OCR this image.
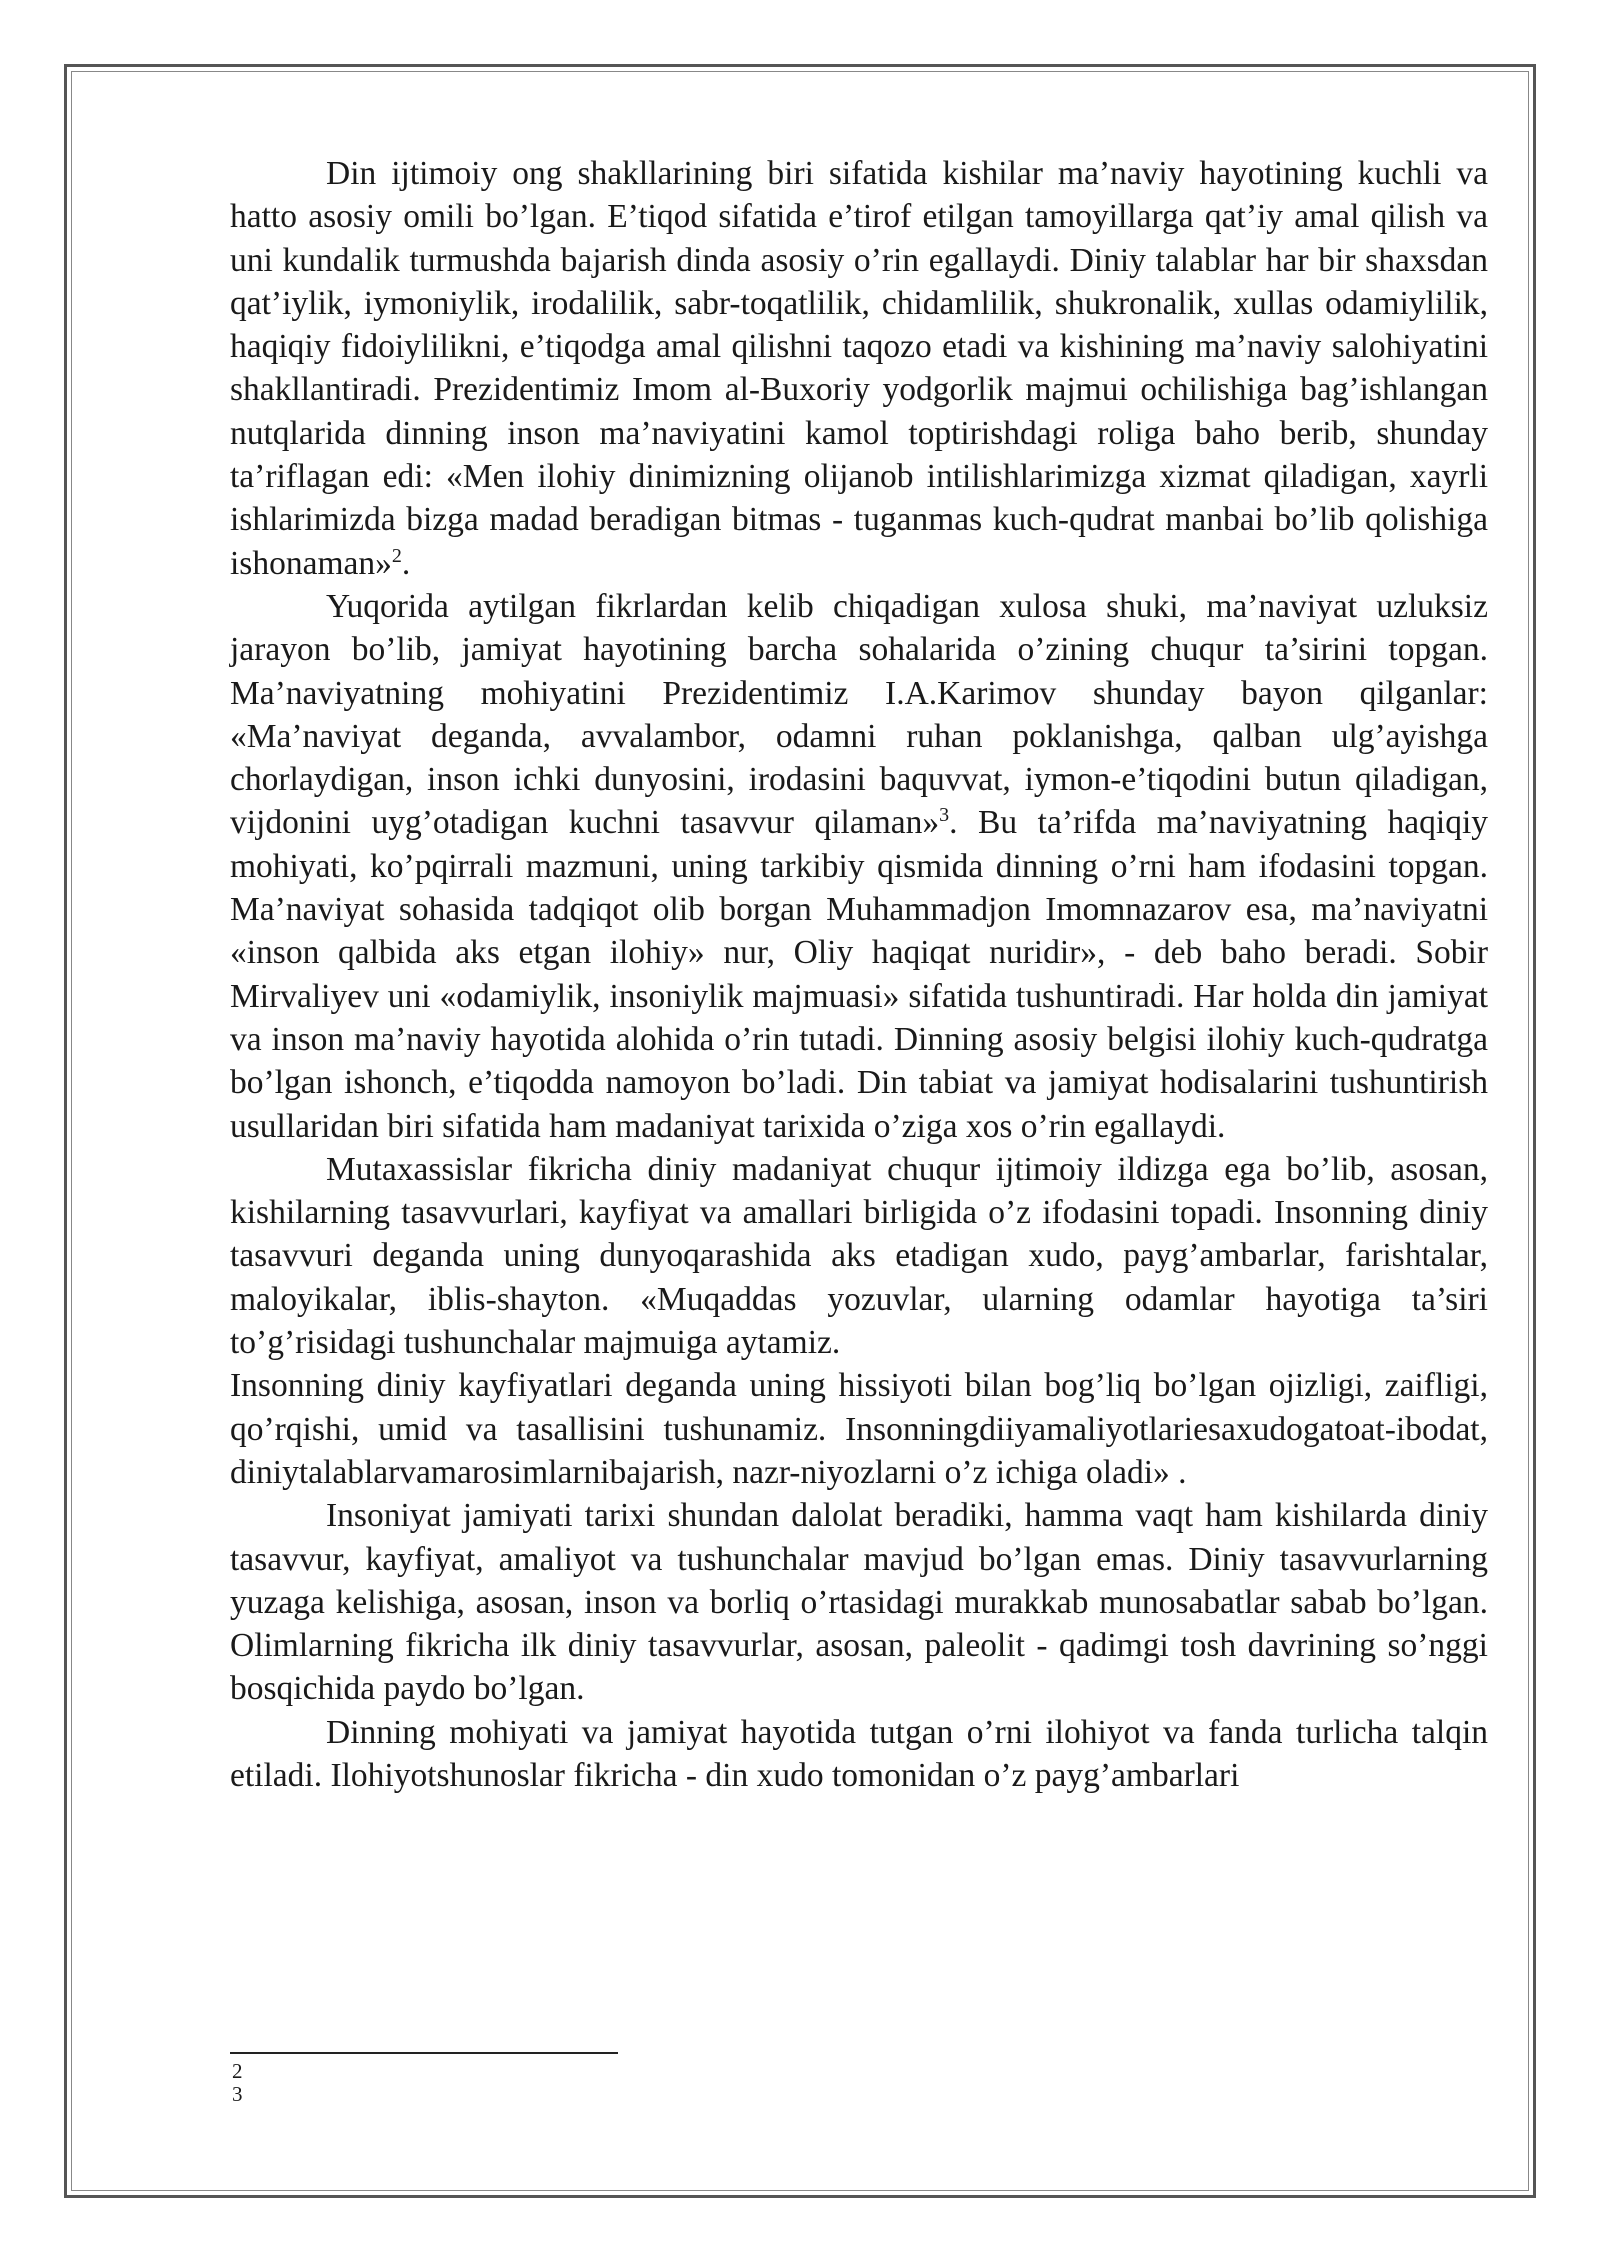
Din ijtimoiy ong shakllarining biri sifatida kishilar ma’naviy hayotining kuchli va hatto asosiy omili bo’lgan. E’tiqod sifatida e’tirof etilgan tamoyillarga qat’iy amal qilish va uni kundalik turmushda bajarish dinda asosiy o’rin egallaydi. Diniy talablar har bir shaxsdan qat’iylik, iymoniylik, irodalilik, sabr-toqatlilik, chidamlilik, shukronalik, xullas odamiylilik, haqiqiy fidoiylilikni, e’tiqodga amal qilishni taqozo etadi va kishining ma’naviy salohiyatini shakllantiradi. Prezidentimiz Imom al-Buxoriy yodgorlik majmui ochilishiga bag’ishlangan nutqlarida dinning inson ma’naviyatini kamol toptirishdagi roliga baho berib, shunday ta’riflagan edi: «Men ilohiy dinimizning olijanob intilishlarimizga xizmat qiladigan, xayrli ishlarimizda bizga madad beradigan bitmas - tuganmas kuch-qudrat manbai bo’lib qolishiga ishonaman»$^2$.

Yuqorida aytilgan fikrlardan kelib chiqadigan xulosa shuki, ma’naviyat uzluksiz jarayon bo’lib, jamiyat hayotining barcha sohalarida o’zining chuqur ta’sirini topgan. Ma’naviyatning mohiyatini Prezidentimiz I.A.Karimov shunday bayon qilganlar: «Ma’naviyat deganda, avvalambor, odamni ruhan poklanishga, qalban ulg’ayishga chorlaydigan, inson ichki dunyosini, irodasini baquvvat, iymon-e’tiqodini butun qiladigan, vijdonini uyg’otadigan kuchni tasavvur qilaman»$^3$. Bu ta’rifda ma’naviyatning haqiqiy mohiyati, ko’pqirrali mazmuni, uning tarkibiy qismida dinning o’rni ham ifodasini topgan. Ma’naviyat sohasida tadqiqot olib borgan Muhammadjon Imomnazarov esa, ma’naviyatni «inson qalbida aks etgan ilohiy» nur, Oliy haqiqat nuridir», - deb baho beradi. Sobir Mirvaliyev uni «odamiylik, insoniylik majmuasi» sifatida tushuntiradi. Har holda din jamiyat va inson ma’naviy hayotida alohida o’rin tutadi. Dinning asosiy belgisi ilohiy kuch-qudratga bo’lgan ishonch, e’tiqodda namoyon bo’ladi. Din tabiat va jamiyat hodisalarini tushuntirish usullaridan biri sifatida ham madaniyat tarixida o’ziga xos o’rin egallaydi.

Mutaxassislar fikricha diniy madaniyat chuqur ijtimoiy ildizga ega bo’lib, asosan, kishilarning tasavvurlari, kayfiyat va amallari birligida o’z ifodasini topadi. Insonning diniy tasavvuri deganda uning dunyoqarashida aks etadigan xudo, payg’ambarlar, farishtalar, maloyikalar, iblis-shayton. «Muqaddas yozuvlar, ularning odamlar hayotiga ta’siri to’g’risidagi tushunchalar majmuiga aytamiz.

Insonning diniy kayfiyatlari deganda uning hissiyoti bilan bog’liq bo’lgan ojizligi, zaifligi, qo’rqishi, umid va tasallisini tushunamiz. Insonningdiiyamaliyotlariesaxudogatoat-ibodat, diniytalablarvamarosimlarnibajarish, nazr-niyozlarni o’z ichiga oladi» .

Insoniyat jamiyati tarixi shundan dalolat beradiki, hamma vaqt ham kishilarda diniy tasavvur, kayfiyat, amaliyot va tushunchalar mavjud bo’lgan emas. Diniy tasavvurlarning yuzaga kelishiga, asosan, inson va borliq o’rtasidagi murakkab munosabatlar sabab bo’lgan. Olimlarning fikricha ilk diniy tasavvurlar, asosan, paleolit - qadimgi tosh davrining so’nggi bosqichida paydo bo’lgan.

Dinning mohiyati va jamiyat hayotida tutgan o’rni ilohiyot va fanda turlicha talqin etiladi. Ilohiyotshunoslar fikricha - din xudo tomonidan o’z payg’ambarlari

2
3
